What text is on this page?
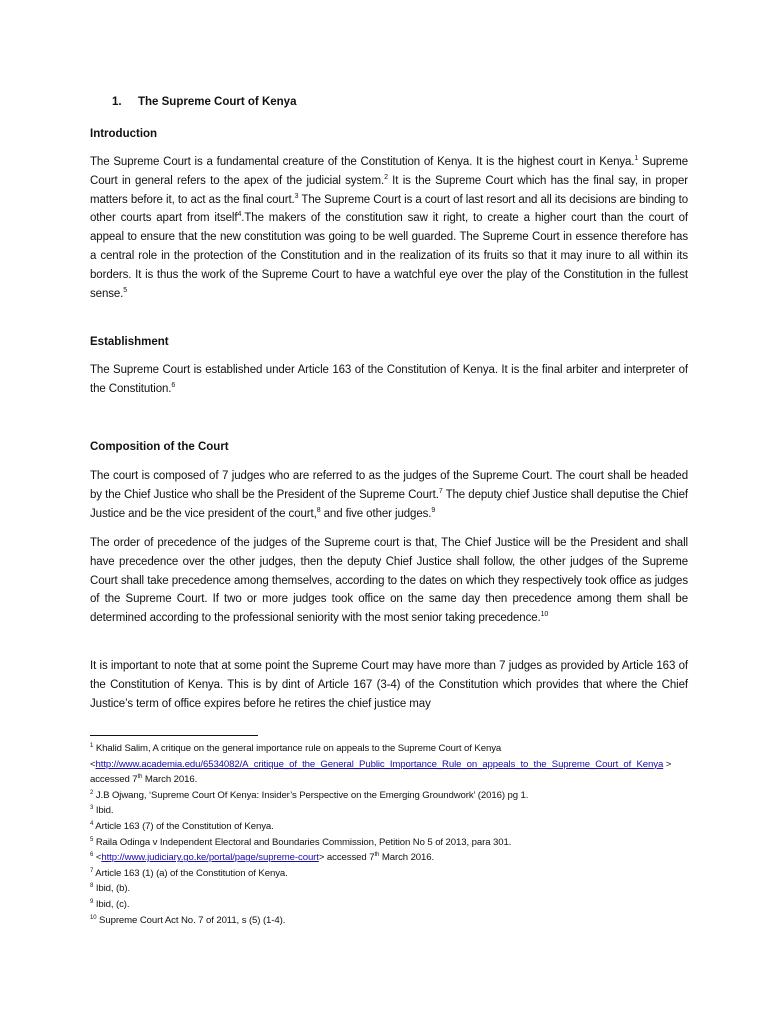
1. The Supreme Court of Kenya

Introduction

The Supreme Court is a fundamental creature of the Constitution of Kenya. It is the highest court in Kenya.$^1$ Supreme Court in general refers to the apex of the judicial system.$^2$ It is the Supreme Court which has the final say, in proper matters before it, to act as the final court.$^3$ The Supreme Court is a court of last resort and all its decisions are binding to other courts apart from itself$^4$.The makers of the constitution saw it right, to create a higher court than the court of appeal to ensure that the new constitution was going to be well guarded. The Supreme Court in essence therefore has a central role in the protection of the Constitution and in the realization of its fruits so that it may inure to all within its borders. It is thus the work of the Supreme Court to have a watchful eye over the play of the Constitution in the fullest sense.$^5$

Establishment

The Supreme Court is established under Article 163 of the Constitution of Kenya. It is the final arbiter and interpreter of the Constitution.$^6$

Composition of the Court

The court is composed of 7 judges who are referred to as the judges of the Supreme Court. The court shall be headed by the Chief Justice who shall be the President of the Supreme Court.$^7$ The deputy chief Justice shall deputise the Chief Justice and be the vice president of the court,$^8$ and five other judges.$^9$

The order of precedence of the judges of the Supreme court is that, The Chief Justice will be the President and shall have precedence over the other judges, then the deputy Chief Justice shall follow, the other judges of the Supreme Court shall take precedence among themselves, according to the dates on which they respectively took office as judges of the Supreme Court. If two or more judges took office on the same day then precedence among them shall be determined according to the professional seniority with the most senior taking precedence.$^{10}$

It is important to note that at some point the Supreme Court may have more than 7 judges as provided by Article 163 of the Constitution of Kenya. This is by dint of Article 167 (3-4) of the Constitution which provides that where the Chief Justice’s term of office expires before he retires the chief justice may

$^1$ Khalid Salim, A critique on the general importance rule on appeals to the Supreme Court of Kenya
<http://www.academia.edu/6534082/A_critique_of_the_General_Public_Importance_Rule_on_appeals_to_the_Supreme_Court_of_Kenya > accessed 7th March 2016.

$^2$ J.B Ojwang, ‘Supreme Court Of Kenya: Insider’s Perspective on the Emerging Groundwork’ (2016) pg 1.

$^3$ Ibid.

$^4$ Article 163 (7) of the Constitution of Kenya.

$^5$ Raila Odinga v Independent Electoral and Boundaries Commission, Petition No 5 of 2013, para 301.

$^6$ <http://www.judiciary.go.ke/portal/page/supreme-court> accessed 7th March 2016.

$^7$ Article 163 (1) (a) of the Constitution of Kenya.

$^8$ Ibid, (b).

$^9$ Ibid, (c).

$^{10}$ Supreme Court Act No. 7 of 2011, s (5) (1-4).
